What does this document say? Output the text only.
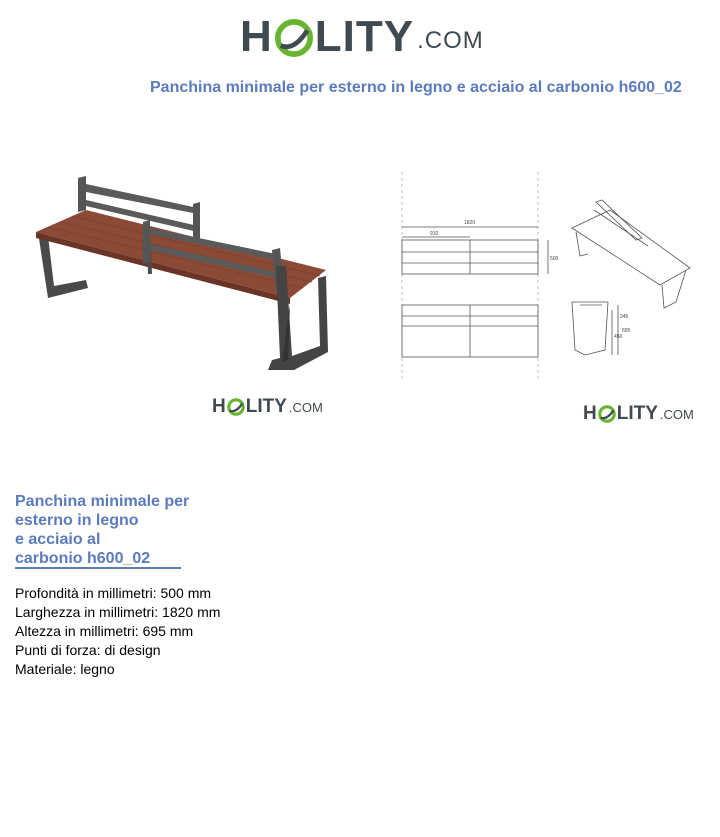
H LITY .COM
Panchina minimale per esterno in legno e acciaio al carbonio h600_02
1820
910
500
450
245
695
H LITY .COM	H LITY .COM
Panchina minimale per
esterno in legno
e acciaio al
carbonio h600_02
Profondità in millimetri: 500 mm
Larghezza in millimetri: 1820 mm
Altezza in millimetri: 695 mm
Punti di forza: di design
Materiale: legno
